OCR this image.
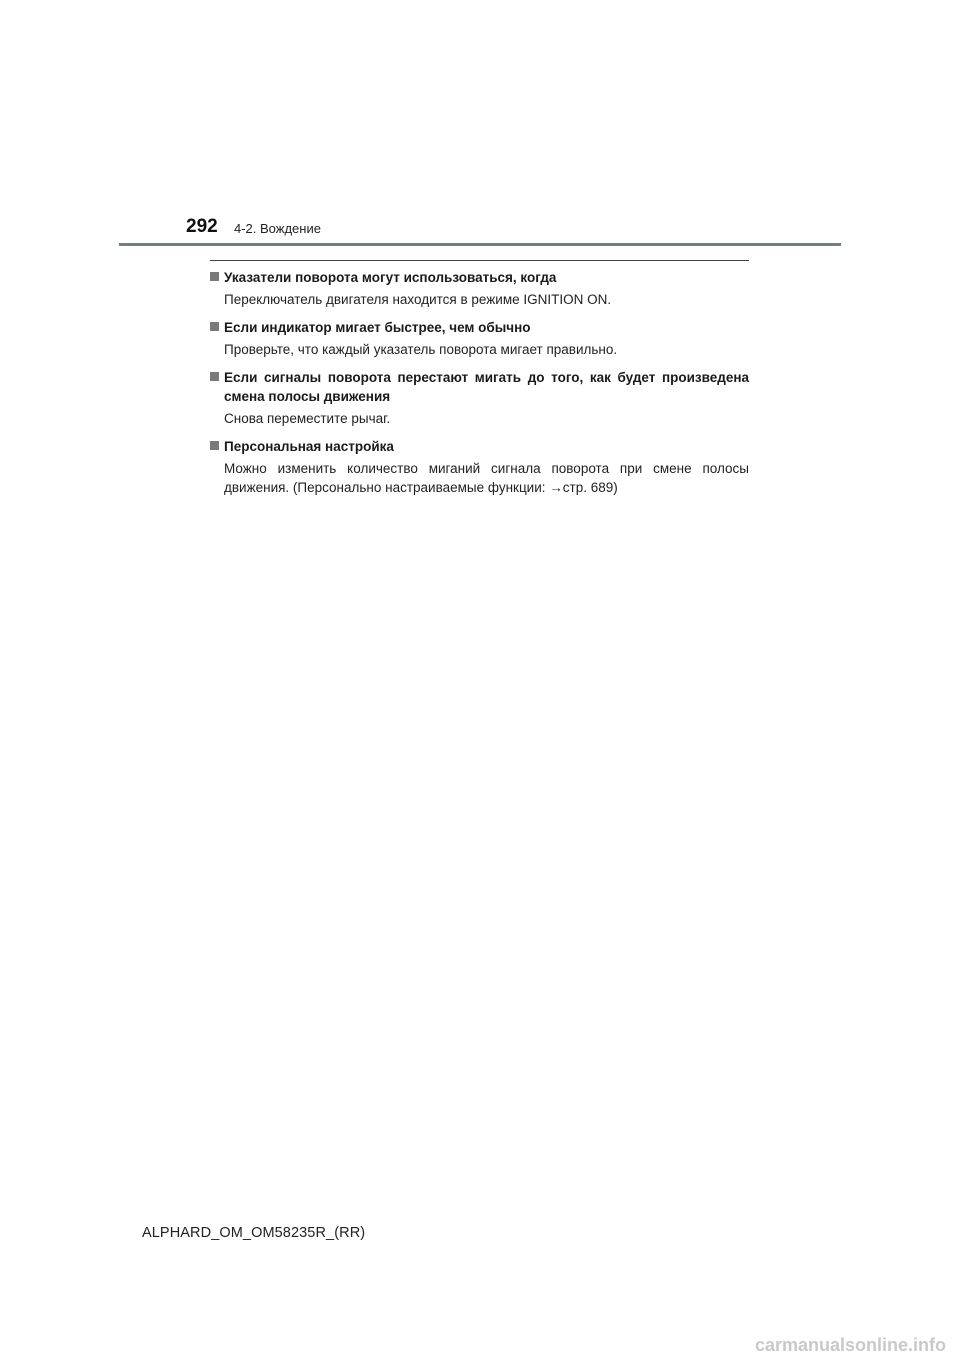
292 4-2. Вождение
Указатели поворота могут использоваться, когда
Переключатель двигателя находится в режиме IGNITION ON.
Если индикатор мигает быстрее, чем обычно
Проверьте, что каждый указатель поворота мигает правильно.
Если сигналы поворота перестают мигать до того, как будет произведена смена полосы движения
Снова переместите рычаг.
Персональная настройка
Можно изменить количество миганий сигнала поворота при смене полосы движения. (Персонально настраиваемые функции: →стр. 689)
ALPHARD_OM_OM58235R_(RR)
carmanualsonline.info
